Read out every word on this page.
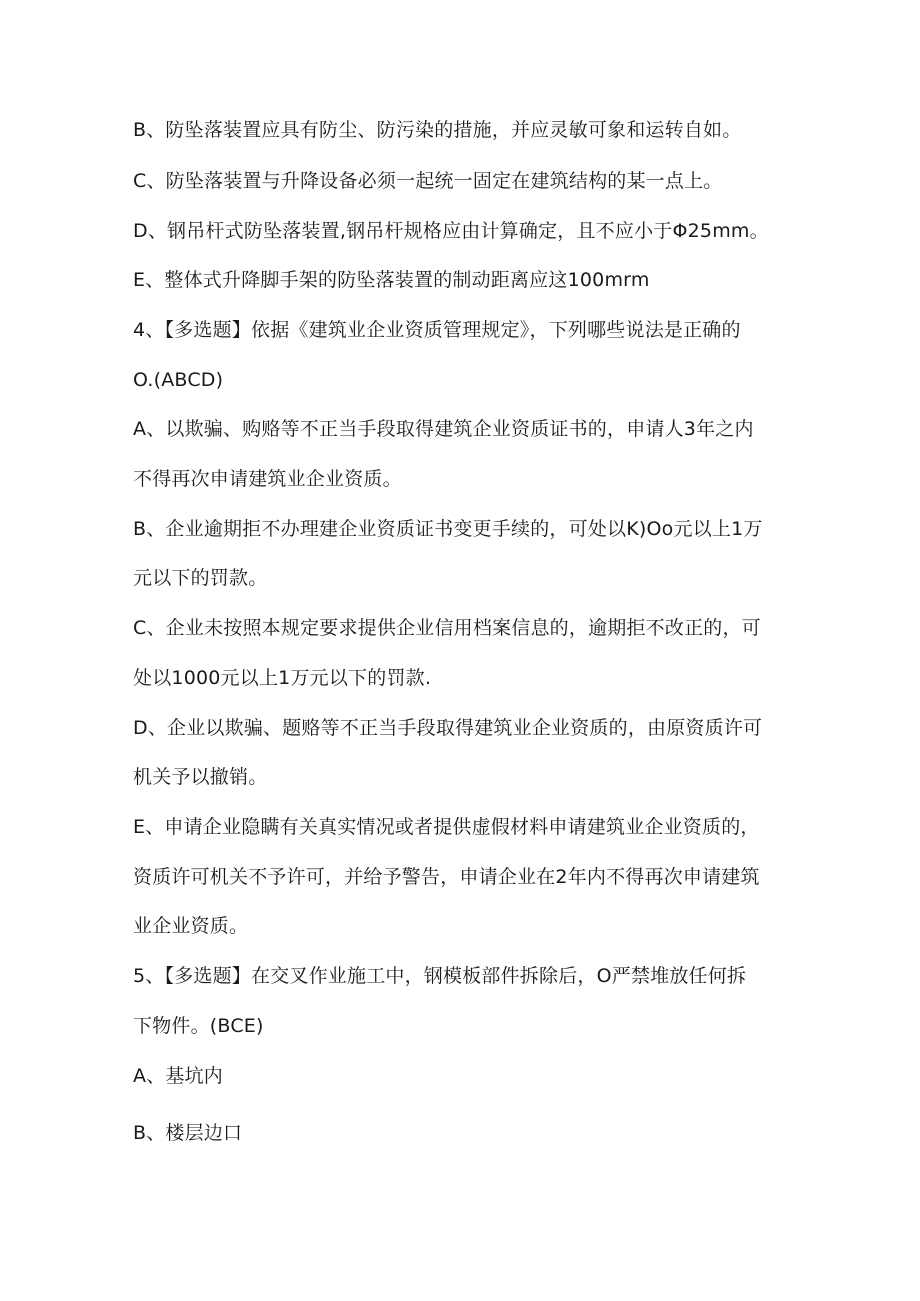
B、防坠落装置应具有防尘、防污染的措施，并应灵敏可象和运转自如。
C、防坠落装置与升降设备必须一起统一固定在建筑结构的某一点上。
D、钢吊杆式防坠落装置,钢吊杆规格应由计算确定，且不应小于Φ25mm。
E、整体式升降脚手架的防坠落装置的制动距离应这100mrm
4、【多选题】依据《建筑业企业资质管理规定》，下列哪些说法是正确的
O.(ABCD)
A、以欺骗、购赂等不正当手段取得建筑企业资质证书的，申请人3年之内
不得再次申请建筑业企业资质。
B、企业逾期拒不办理建企业资质证书变更手续的，可处以K)Oo元以上1万
元以下的罚款。
C、企业未按照本规定要求提供企业信用档案信息的，逾期拒不改正的，可
处以1000元以上1万元以下的罚款.
D、企业以欺骗、题赂等不正当手段取得建筑业企业资质的，由原资质许可
机关予以撤销。
E、申请企业隐瞒有关真实情况或者提供虚假材料申请建筑业企业资质的，
资质许可机关不予许可，并给予警告，申请企业在2年内不得再次申请建筑
业企业资质。
5、【多选题】在交叉作业施工中，钢模板部件拆除后，O严禁堆放任何拆
下物件。(BCE)
A、基坑内
B、楼层边口
